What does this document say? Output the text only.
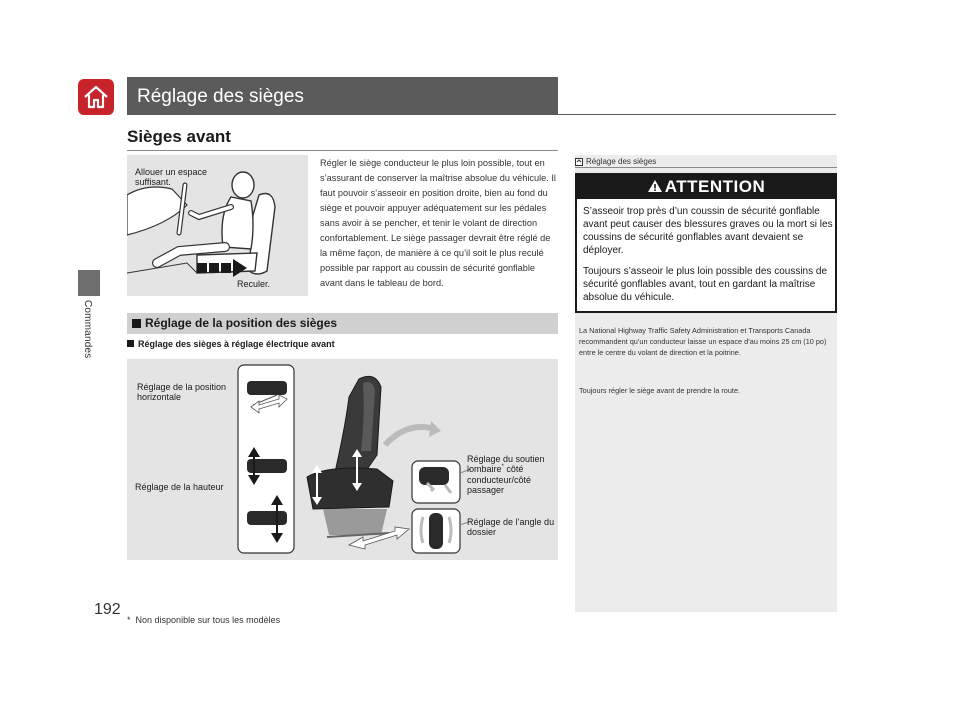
Commandes
192
Réglage des sièges
Sièges avant
Allouer un espace suffisant.
Reculer.
Régler le siège conducteur le plus loin possible, tout en s’assurant de conserver la maîtrise absolue du véhicule. Il faut pouvoir s’asseoir en position droite, bien au fond du siège et pouvoir appuyer adéquatement sur les pédales sans avoir à se pencher, et tenir le volant de direction confortablement. Le siège passager devrait être réglé de la même façon, de manière à ce qu’il soit le plus reculé possible par rapport au coussin de sécurité gonflable avant dans le tableau de bord.
Réglage de la position des sièges
Réglage des sièges à réglage électrique avant
Réglage de la position horizontale
Réglage de la hauteur
Réglage du soutien
lombaire* côté
conducteur/côté
passager
Réglage de l’angle du dossier
* Non disponible sur tous les modèles
Réglage des sièges
ATTENTION
S’asseoir trop près d’un coussin de sécurité gonflable avant peut causer des blessures graves ou la mort si les coussins de sécurité gonflables avant devaient se déployer.
Toujours s’asseoir le plus loin possible des coussins de sécurité gonflables avant, tout en gardant la maîtrise absolue du véhicule.
La National Highway Traffic Safety Administration et Transports Canada recommandent qu’un conducteur laisse un espace d’au moins 25 cm (10 po) entre le centre du volant de direction et la poitrine.
Toujours régler le siège avant de prendre la route.
